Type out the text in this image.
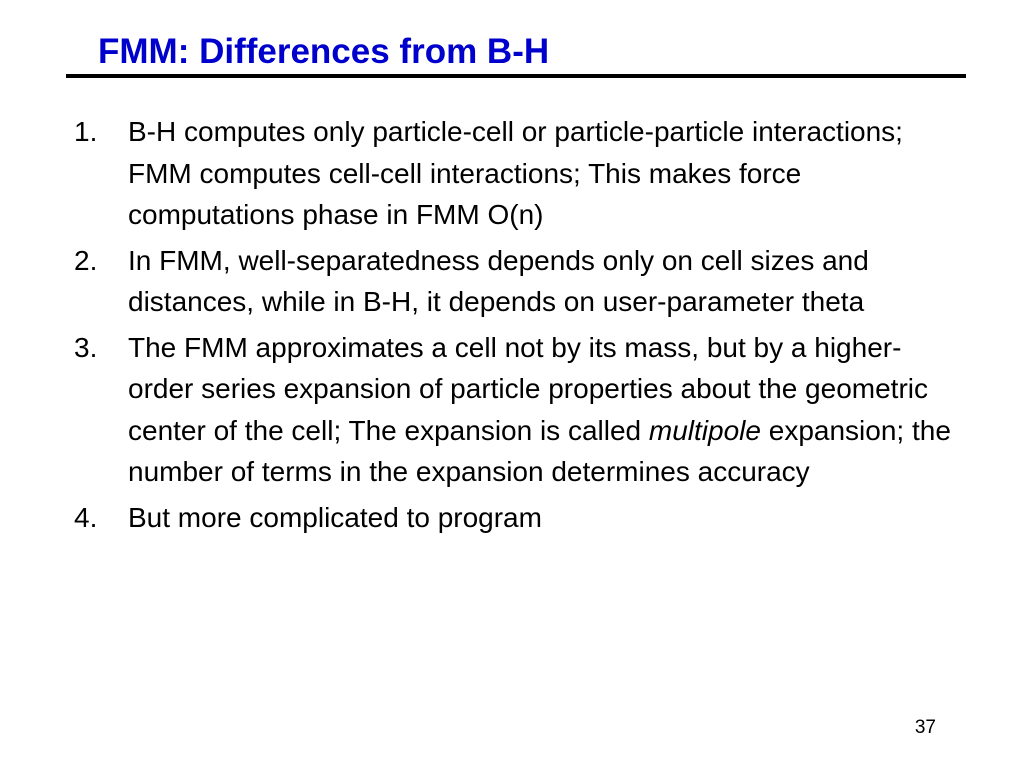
FMM: Differences from B-H
1.	B-H computes only particle-cell or particle-particle interactions; FMM computes cell-cell interactions; This makes force computations phase in FMM O(n)
2.	In FMM, well-separatedness depends only on cell sizes and distances, while in B-H, it depends on user-parameter theta
3.	The FMM approximates a cell not by its mass, but by a higher-order series expansion of particle properties about the geometric center of the cell; The expansion is called multipole expansion; the number of terms in the expansion determines accuracy
4.	But more complicated to program
37
